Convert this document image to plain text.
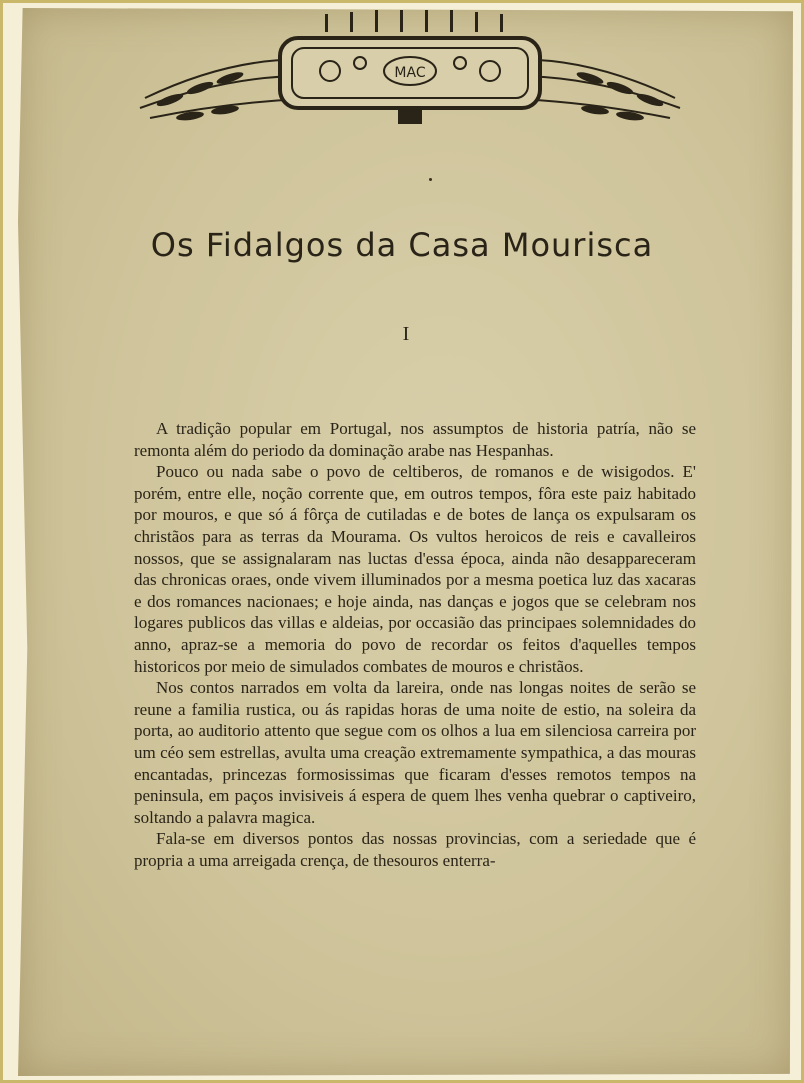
MAC
Os Fidalgos da Casa Mourisca
I

A tradição popular em Portugal, nos assumptos de historia patría, não se remonta além do periodo da dominação arabe nas Hespanhas.

Pouco ou nada sabe o povo de celtiberos, de romanos e de wisigodos. E' porém, entre elle, noção corrente que, em outros tempos, fôra este paiz habitado por mouros, e que só á fôrça de cutiladas e de botes de lança os expulsaram os christãos para as terras da Mourama. Os vultos heroicos de reis e cavalleiros nossos, que se assignalaram nas luctas d'essa época, ainda não desappareceram das chronicas oraes, onde vivem illuminados por a mesma poetica luz das xacaras e dos romances nacionaes; e hoje ainda, nas danças e jogos que se celebram nos logares publicos das villas e aldeias, por occasião das principaes solemnidades do anno, apraz-se a memoria do povo de recordar os feitos d'aquelles tempos historicos por meio de simulados combates de mouros e christãos.

Nos contos narrados em volta da lareira, onde nas longas noites de serão se reune a familia rustica, ou ás rapidas horas de uma noite de estio, na soleira da porta, ao auditorio attento que segue com os olhos a lua em silenciosa carreira por um céo sem estrellas, avulta uma creação extremamente sympathica, a das mouras encantadas, princezas formosissimas que ficaram d'esses remotos tempos na peninsula, em paços invisiveis á espera de quem lhes venha quebrar o captiveiro, soltando a palavra magica.

Fala-se em diversos pontos das nossas provincias, com a seriedade que é propria a uma arreigada crença, de thesouros enterra-
